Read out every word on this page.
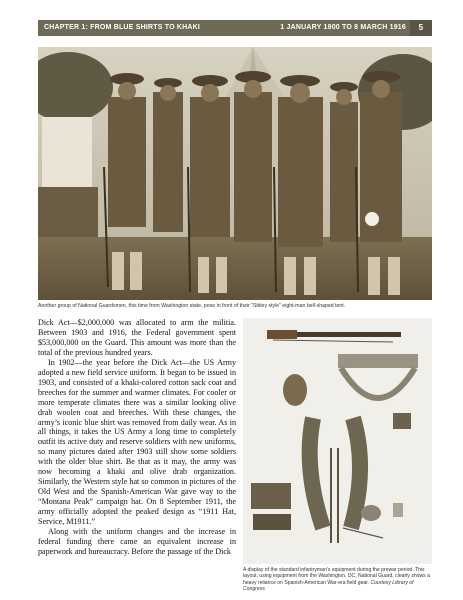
CHAPTER 1: FROM BLUE SHIRTS TO KHAKI	1 JANUARY 1900 TO 8 MARCH 1916	5
Another group of National Guardsmen, this time from Washington state, pose in front of their “Sibley style” eight-man bell-shaped tent.

Dick Act—$2,000,000 was allocated to arm the militia. Between 1903 and 1916, the Federal government spent $53,000,000 on the Guard. This amount was more than the total of the previous hundred years.

In 1902—the year before the Dick Act—the US Army adopted a new field service uniform. It began to be issued in 1903, and consisted of a khaki-colored cotton sack coat and breeches for the summer and warmer climates. For cooler or more temperate climates there was a similar looking olive drab woolen coat and breeches. With these changes, the army’s iconic blue shirt was removed from daily wear. As in all things, it takes the US Army a long time to completely outfit its active duty and reserve soldiers with new uniforms, so many pictures dated after 1903 still show some soldiers with the older blue shirt. Be that as it may, the army was now becoming a khaki and olive drab organization. Similarly, the Western style hat so common in pictures of the Old West and the Spanish-American War gave way to the “Montana Peak” campaign hat. On 8 September 1911, the army officially adopted the peaked design as “1911 Hat, Service, M1911.”

Along with the uniform changes and the increase in federal funding there came an equivalent increase in paperwork and bureaucracy. Before the passage of the Dick

A display of the standard infantryman’s equipment during the prewar period. This layout, using equipment from the Washington, DC, National Guard, clearly shows a heavy reliance on Spanish-American War-era field gear. Courtesy Library of Congress
